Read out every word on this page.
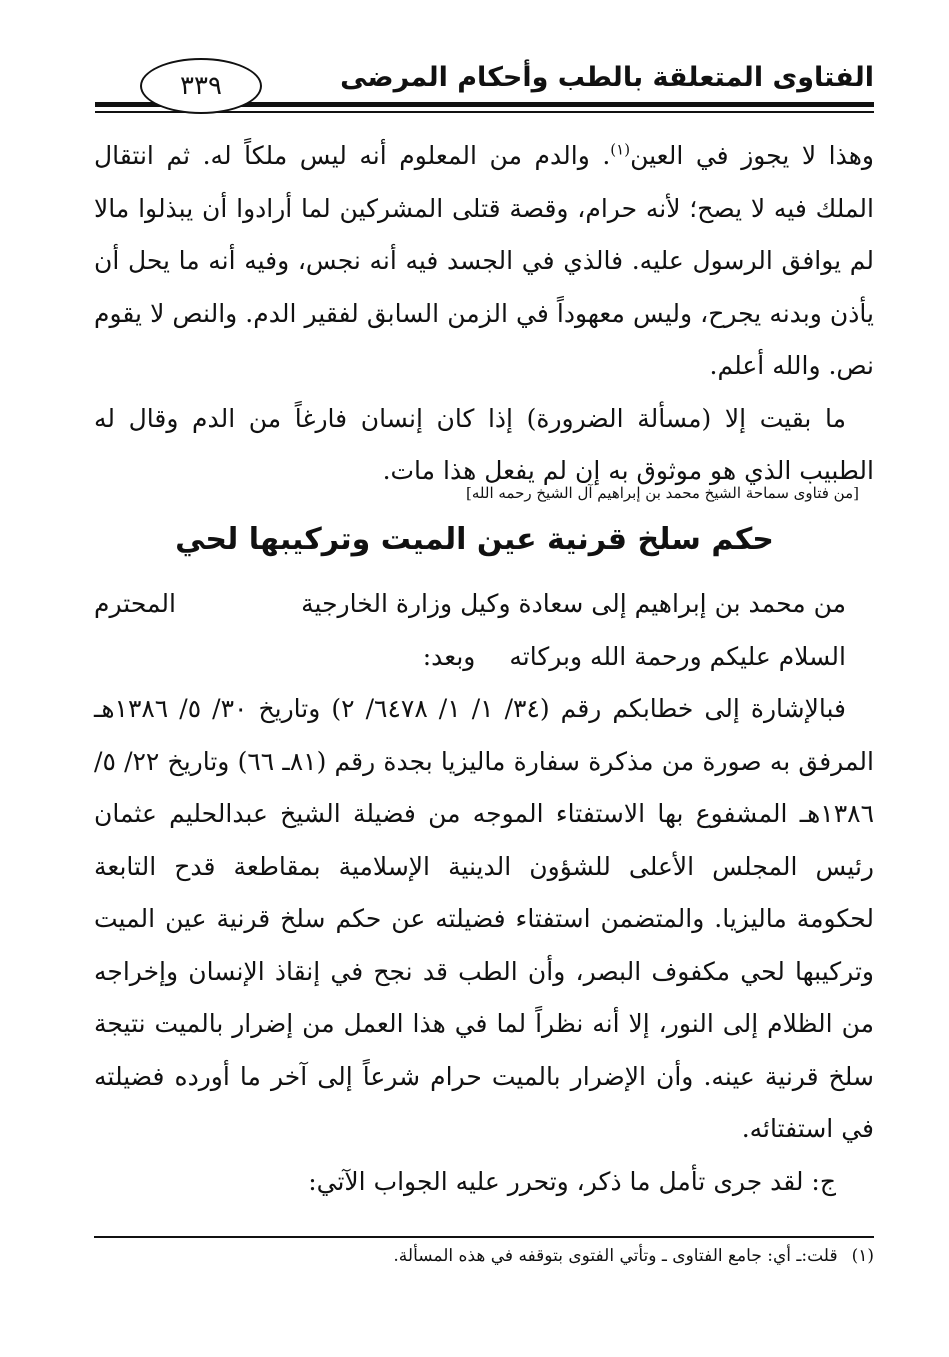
الفتاوى المتعلقة بالطب وأحكام المرضى
٣٣٩

وهذا لا يجوز في العين$^{(١)}$. والدم من المعلوم أنه ليس ملكاً له. ثم انتقال الملك فيه لا يصح؛ لأنه حرام، وقصة قتلى المشركين لما أرادوا أن يبذلوا مالا لم يوافق الرسول عليه. فالذي في الجسد فيه أنه نجس، وفيه أنه ما يحل أن يأذن وبدنه يجرح، وليس معهوداً في الزمن السابق لفقير الدم. والنص لا يقوم نص. والله أعلم.

ما بقيت إلا (مسألة الضرورة) إذا كان إنسان فارغاً من الدم وقال له الطبيب الذي هو موثوق به إن لم يفعل هذا مات.

[من فتاوى سماحة الشيخ محمد بن إبراهيم آل الشيخ رحمه الله]
حكم سلخ قرنية عين الميت وتركيبها لحي

من محمد بن إبراهيم إلى سعادة وكيل وزارة الخارجية
المحترم

السلام عليكم ورحمة الله وبركاتهوبعد:

فبالإشارة إلى خطابكم رقم (٣٤/ ١/ ١/ ٦٤٧٨/ ٢) وتاريخ ٣٠/ ٥/ ١٣٨٦هـ المرفق به صورة من مذكرة سفارة ماليزيا بجدة رقم (٨١ـ ٦٦) وتاريخ ٢٢/ ٥/ ١٣٨٦هـ المشفوع بها الاستفتاء الموجه من فضيلة الشيخ عبدالحليم عثمان رئيس المجلس الأعلى للشؤون الدينية الإسلامية بمقاطعة قدح التابعة لحكومة ماليزيا. والمتضمن استفتاء فضيلته عن حكم سلخ قرنية عين الميت وتركيبها لحي مكفوف البصر، وأن الطب قد نجح في إنقاذ الإنسان وإخراجه من الظلام إلى النور، إلا أنه نظراً لما في هذا العمل من إضرار بالميت نتيجة سلخ قرنية عينه. وأن الإضرار بالميت حرام شرعاً إلى آخر ما أورده فضيلته في استفتائه.

ج: لقد جرى تأمل ما ذكر، وتحرر عليه الجواب الآتي:

(١)قلت:ـ أي: جامع الفتاوى ـ وتأتي الفتوى بتوقفه في هذه المسألة.
